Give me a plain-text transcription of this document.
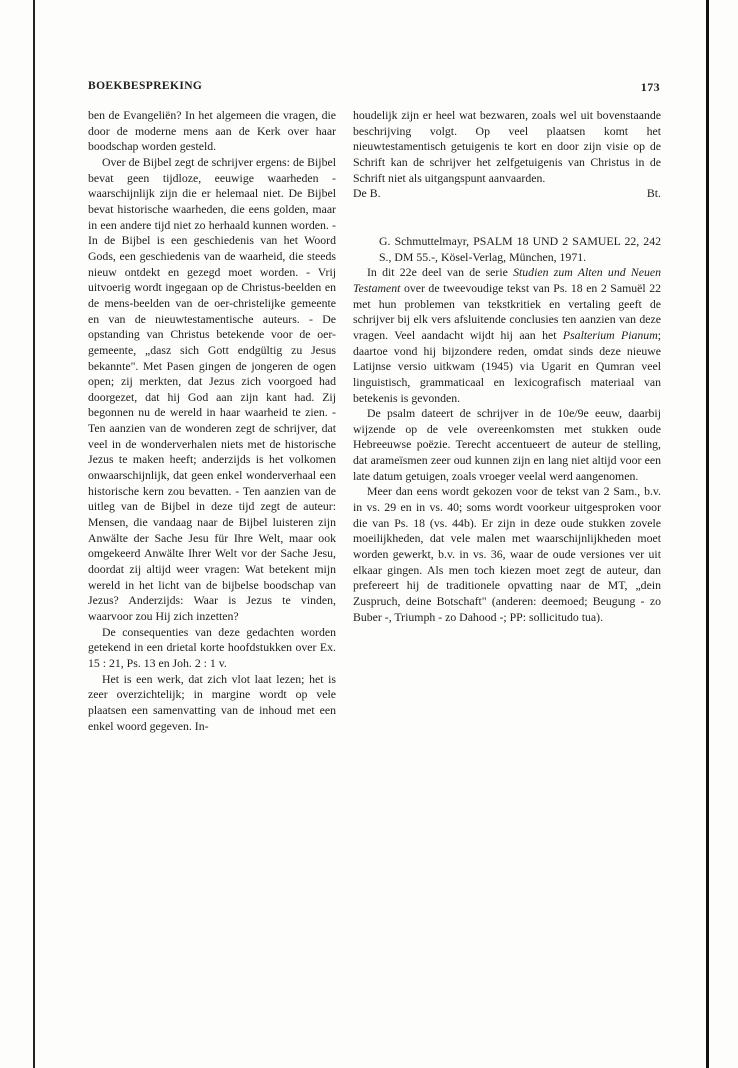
BOEKBESPREKING	173

ben de Evangeliën? In het algemeen die vragen, die door de moderne mens aan de Kerk over haar boodschap worden gesteld.

Over de Bijbel zegt de schrijver ergens: de Bijbel bevat geen tijdloze, eeuwige waarheden - waarschijnlijk zijn die er helemaal niet. De Bijbel bevat historische waarheden, die eens golden, maar in een andere tijd niet zo herhaald kunnen worden. - In de Bijbel is een geschiedenis van het Woord Gods, een geschiedenis van de waarheid, die steeds nieuw ontdekt en gezegd moet worden. - Vrij uitvoerig wordt ingegaan op de Christus-beelden en de mens-beelden van de oer-christelijke gemeente en van de nieuwtestamentische auteurs. - De opstanding van Christus betekende voor de oer-gemeente, „dasz sich Gott endgültig zu Jesus bekannte". Met Pasen gingen de jongeren de ogen open; zij merkten, dat Jezus zich voorgoed had doorgezet, dat hij God aan zijn kant had. Zij begonnen nu de wereld in haar waarheid te zien. - Ten aanzien van de wonderen zegt de schrijver, dat veel in de wonderverhalen niets met de historische Jezus te maken heeft; anderzijds is het volkomen onwaarschijnlijk, dat geen enkel wonderverhaal een historische kern zou bevatten. - Ten aanzien van de uitleg van de Bijbel in deze tijd zegt de auteur: Mensen, die vandaag naar de Bijbel luisteren zijn Anwälte der Sache Jesu für Ihre Welt, maar ook omgekeerd Anwälte Ihrer Welt vor der Sache Jesu, doordat zij altijd weer vragen: Wat betekent mijn wereld in het licht van de bijbelse boodschap van Jezus? Anderzijds: Waar is Jezus te vinden, waarvoor zou Hij zich inzetten?

De consequenties van deze gedachten worden getekend in een drietal korte hoofdstukken over Ex. 15 : 21, Ps. 13 en Joh. 2 : 1 v.

Het is een werk, dat zich vlot laat lezen; het is zeer overzichtelijk; in margine wordt op vele plaatsen een samenvatting van de inhoud met een enkel woord gegeven. In-

houdelijk zijn er heel wat bezwaren, zoals wel uit bovenstaande beschrijving volgt. Op veel plaatsen komt het nieuwtestamentisch getuigenis te kort en door zijn visie op de Schrift kan de schrijver het zelfgetuigenis van Christus in de Schrift niet als uitgangspunt aanvaarden.

De B.	Bt.

G. Schmuttelmayr, PSALM 18 UND 2 SAMUEL 22, 242 S., DM 55.-, Kösel-Verlag, München, 1971.

In dit 22e deel van de serie Studien zum Alten und Neuen Testament over de tweevoudige tekst van Ps. 18 en 2 Samuël 22 met hun problemen van tekstkritiek en vertaling geeft de schrijver bij elk vers afsluitende conclusies ten aanzien van deze vragen. Veel aandacht wijdt hij aan het Psalterium Pianum; daartoe vond hij bijzondere reden, omdat sinds deze nieuwe Latijnse versio uitkwam (1945) via Ugarit en Qumran veel linguistisch, grammaticaal en lexicografisch materiaal van betekenis is gevonden.

De psalm dateert de schrijver in de 10e/9e eeuw, daarbij wijzende op de vele overeenkomsten met stukken oude Hebreeuwse poëzie. Terecht accentueert de auteur de stelling, dat arameïsmen zeer oud kunnen zijn en lang niet altijd voor een late datum getuigen, zoals vroeger veelal werd aangenomen.

Meer dan eens wordt gekozen voor de tekst van 2 Sam., b.v. in vs. 29 en in vs. 40; soms wordt voorkeur uitgesproken voor die van Ps. 18 (vs. 44b). Er zijn in deze oude stukken zovele moeilijkheden, dat vele malen met waarschijnlijkheden moet worden gewerkt, b.v. in vs. 36, waar de oude versiones ver uit elkaar gingen. Als men toch kiezen moet zegt de auteur, dan prefereert hij de traditionele opvatting naar de MT, „dein Zuspruch, deine Botschaft" (anderen: deemoed; Beugung - zo Buber -, Triumph - zo Dahood -; PP: sollicitudo tua).
